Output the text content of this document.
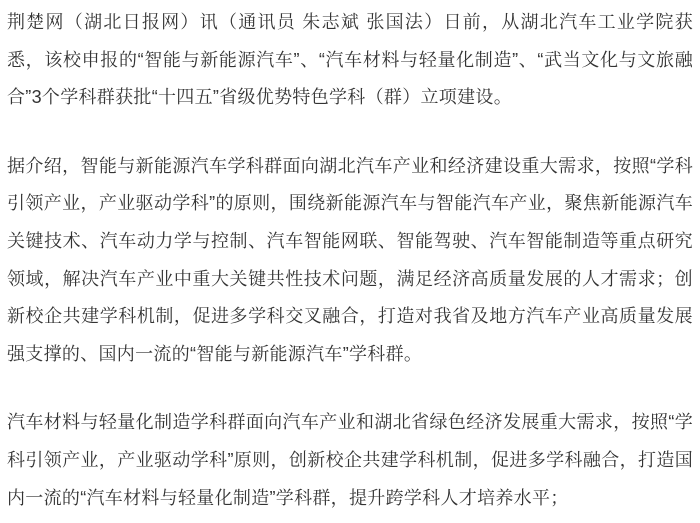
荆楚网（湖北日报网）讯（通讯员 朱志斌 张国法）日前，从湖北汽车工业学院获悉，该校申报的“智能与新能源汽车”、“汽车材料与轻量化制造”、“武当文化与文旅融合”3个学科群获批“十四五”省级优势特色学科（群）立项建设。

据介绍，智能与新能源汽车学科群面向湖北汽车产业和经济建设重大需求，按照“学科引领产业，产业驱动学科”的原则，围绕新能源汽车与智能汽车产业，聚焦新能源汽车关键技术、汽车动力学与控制、汽车智能网联、智能驾驶、汽车智能制造等重点研究领域，解决汽车产业中重大关键共性技术问题，满足经济高质量发展的人才需求；创新校企共建学科机制，促进多学科交叉融合，打造对我省及地方汽车产业高质量发展强支撑的、国内一流的“智能与新能源汽车”学科群。

汽车材料与轻量化制造学科群面向汽车产业和湖北省绿色经济发展重大需求，按照“学科引领产业，产业驱动学科”原则，创新校企共建学科机制，促进多学科融合，打造国内一流的“汽车材料与轻量化制造”学科群，提升跨学科人才培养水平；
